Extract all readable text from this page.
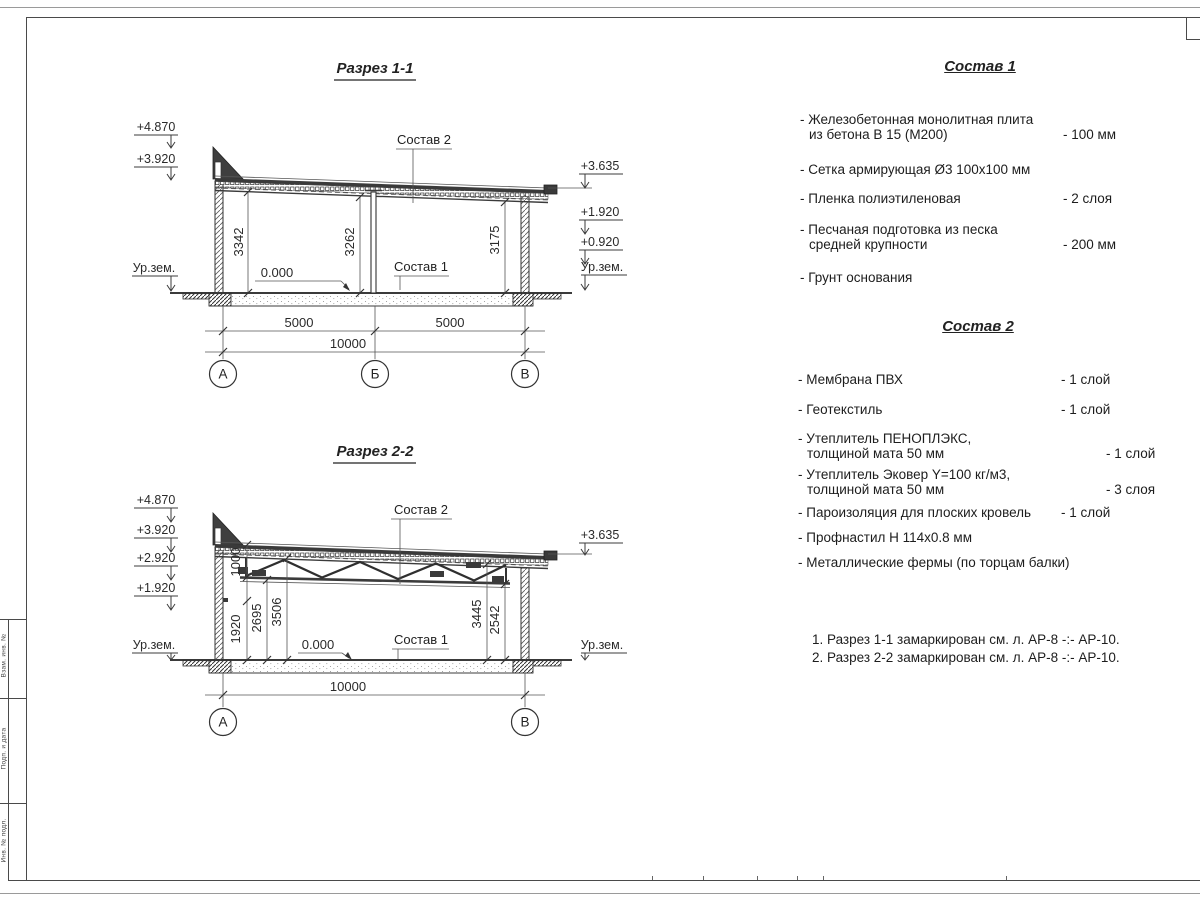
Взам. инв. №
Подп. и дата
Инв. № подл.
Разрез 1-1
Состав 2
Состав 1
0.000
3342	3262	3175
+4.870
+3.920
Ур.зем.
+3.635
+1.920
+0.920
Ур.зем.
5000	5000
10000
А	Б	В
Разрез 2-2
Состав 2
Состав 1
0.000
1000
1920 2695 3506	3445 2542
+4.870
+3.920
+2.920
+1.920
Ур.зем.
+3.635
Ур.зем.
10000
А	В
Состав 1
- Железобетонная монолитная плита
из бетона В 15 (М200)	- 100 мм
- Сетка армирующая Ø3 100х100 мм
- Пленка полиэтиленовая	- 2 слоя
- Песчаная подготовка из песка
средней крупности	- 200 мм
- Грунт основания
Состав 2
- Мембрана ПВХ	- 1 слой
- Геотекстиль	- 1 слой
- Утеплитель ПЕНОПЛЭКС,
толщиной мата 50 мм	- 1 слой
- Утеплитель Эковер Y=100 кг/м3,
толщиной мата 50 мм	- 3 слоя
- Пароизоляция для плоских кровель	- 1 слой
- Профнастил Н 114х0.8 мм
- Металлические фермы (по торцам балки)
1. Разрез 1-1 замаркирован см. л. АР-8 -:- АР-10.
2. Разрез 2-2 замаркирован см. л. АР-8 -:- АР-10.
